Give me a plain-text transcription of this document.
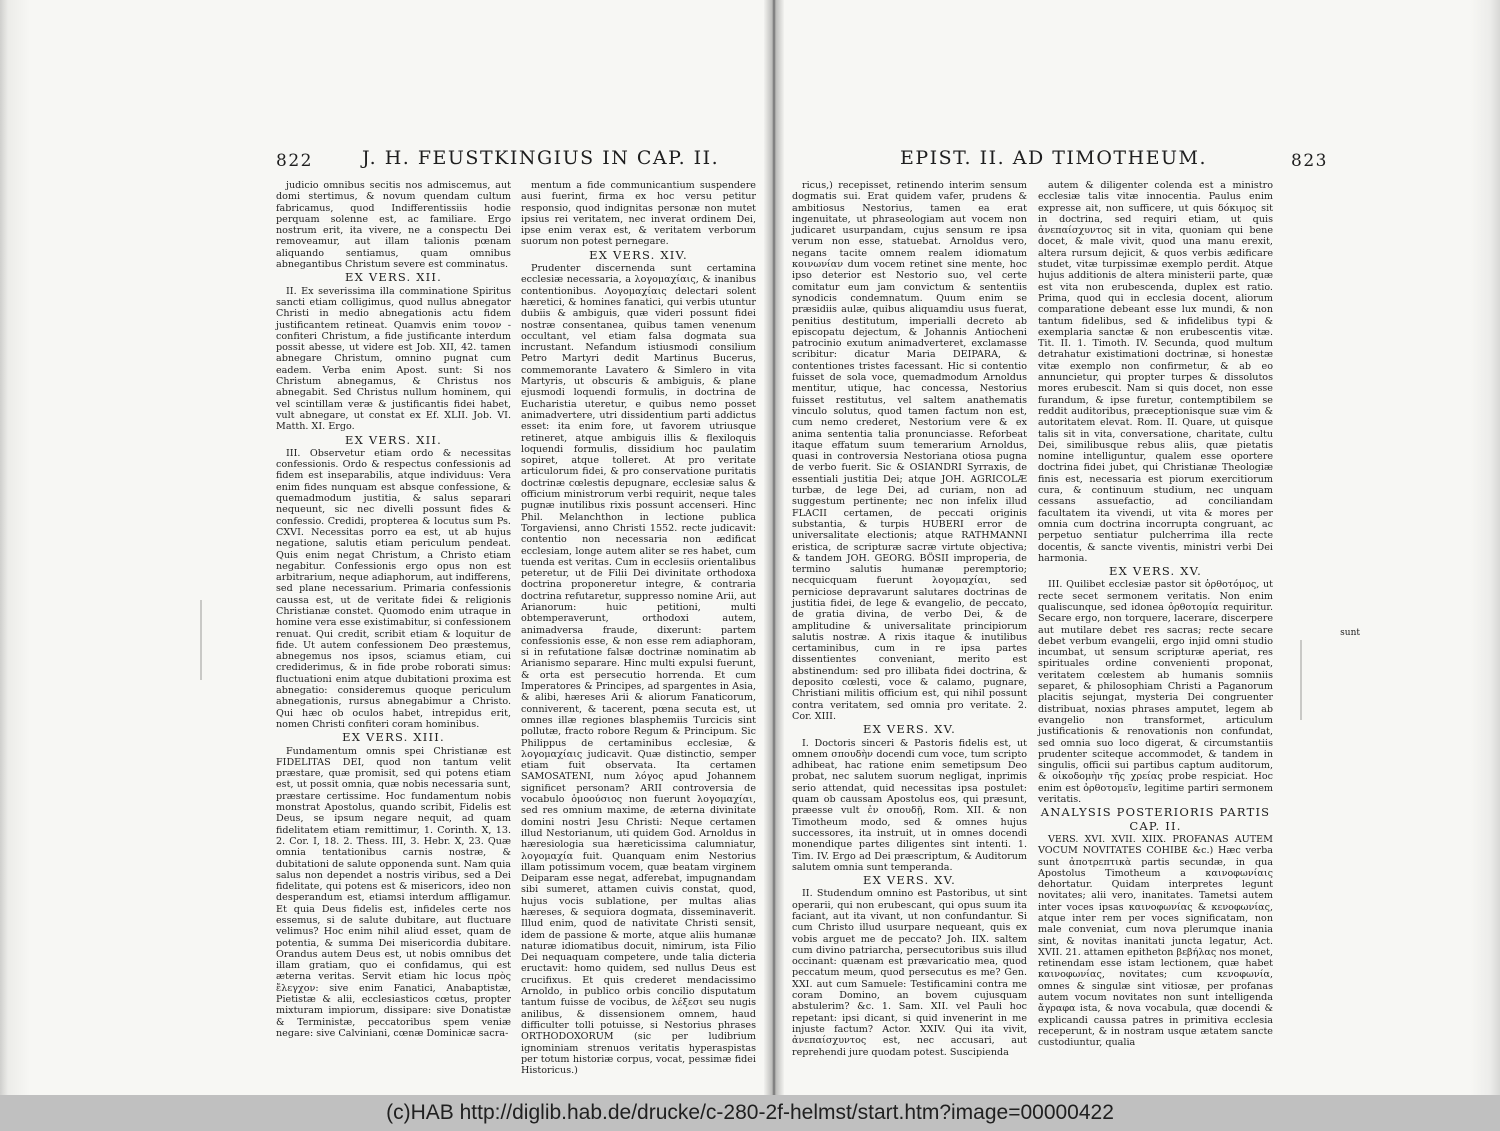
822	J. H. FEUSTKINGIUS IN CAP. II.

judicio omnibus secitis nos admiscemus, aut domi stertimus, & novum quendam cultum fabricamus, quod Indifferentissiis hodie perquam solenne est, ac familiare. Ergo nostrum erit, ita vivere, ne a conspectu Dei removeamur, aut illam talionis pœnam aliquando sentiamus, quam omnibus abnegantibus Christum severe est comminatus.

EX VERS. XII.

II. Ex severissima illa comminatione Spiritus sancti etiam colligimus, quod nullus abnegator Christi in medio abnegationis actu fidem justificantem retineat. Quamvis enim τονον - confiteri Christum, a fide justificante interdum possit abesse, ut videre est Job. XII, 42. tamen abnegare Christum, omnino pugnat cum eadem. Verba enim Apost. sunt: Si nos Christum abnegamus, & Christus nos abnegabit. Sed Christus nullum hominem, qui vel scintillam veræ & justificantis fidei habet, vult abnegare, ut constat ex Ef. XLII. Job. VI. Matth. XI. Ergo.

EX VERS. XII.

III. Observetur etiam ordo & necessitas confessionis. Ordo & respectus confessionis ad fidem est inseparabilis, atque individuus: Vera enim fides nunquam est absque confessione, & quemadmodum justitia, & salus separari nequeunt, sic nec divelli possunt fides & confessio. Credidi, propterea & locutus sum Ps. CXVI. Necessitas porro ea est, ut ab hujus negatione, salutis etiam periculum pendeat. Quis enim negat Christum, a Christo etiam negabitur. Confessionis ergo opus non est arbitrarium, neque adiaphorum, aut indifferens, sed plane necessarium. Primaria confessionis caussa est, ut de veritate fidei & religionis Christianæ constet. Quomodo enim utraque in homine vera esse existimabitur, si confessionem renuat. Qui credit, scribit etiam & loquitur de fide. Ut autem confessionem Deo præstemus, abnegemus nos ipsos, sciamus etiam, cui crediderimus, & in fide probe roborati simus: fluctuationi enim atque dubitationi proxima est abnegatio: consideremus quoque periculum abnegationis, rursus abnegabimur a Christo. Qui hæc ob oculos habet, intrepidus erit, nomen Christi confiteri coram hominibus.

EX VERS. XIII.

Fundamentum omnis spei Christianæ est FIDELITAS DEI, quod non tantum velit præstare, quæ promisit, sed qui potens etiam est, ut possit omnia, quæ nobis necessaria sunt, præstare certissime. Hoc fundamentum nobis monstrat Apostolus, quando scribit, Fidelis est Deus, se ipsum negare nequit, ad quam fidelitatem etiam remittimur, 1. Corinth. X, 13. 2. Cor. I, 18. 2. Thess. III, 3. Hebr. X, 23. Quæ omnia tentationibus carnis nostræ, & dubitationi de salute opponenda sunt. Nam quia salus non dependet a nostris viribus, sed a Dei fidelitate, qui potens est & misericors, ideo non desperandum est, etiamsi interdum affligamur. Et quia Deus fidelis est, infideles certe nos essemus, si de salute dubitare, aut fluctuare velimus? Hoc enim nihil aliud esset, quam de potentia, & summa Dei misericordia dubitare. Orandus autem Deus est, ut nobis omnibus det illam gratiam, quo ei confidamus, qui est æterna veritas. Servit etiam hic locus πρὸς ἔλεγχον: sive enim Fanatici, Anabaptistæ, Pietistæ & alii, ecclesiasticos cœtus, propter mixturam impiorum, dissipare: sive Donatistæ & Terministæ, peccatoribus spem veniæ negare: sive Calviniani, cœnæ Dominicæ sacra-

mentum a fide communicantium suspendere ausi fuerint, firma ex hoc versu petitur responsio, quod indignitas personæ non mutet ipsius rei veritatem, nec inverat ordinem Dei, ipse enim verax est, & veritatem verborum suorum non potest pernegare.

EX VERS. XIV.

Prudenter discernenda sunt certamina ecclesiæ necessaria, a λογομαχίαις, & inanibus contentionibus. Λογομαχίαις delectari solent hæretici, & homines fanatici, qui verbis utuntur dubiis & ambiguis, quæ videri possunt fidei nostræ consentanea, quibus tamen venenum occultant, vel etiam falsa dogmata sua incrustant. Nefandum istiusmodi consilium Petro Martyri dedit Martinus Bucerus, commemorante Lavatero & Simlero in vita Martyris, ut obscuris & ambiguis, & plane ejusmodi loquendi formulis, in doctrina de Eucharistia uteretur, e quibus nemo posset animadvertere, utri dissidentium parti addictus esset: ita enim fore, ut favorem utriusque retineret, atque ambiguis illis & flexiloquis loquendi formulis, dissidium hoc paulatim sopiret, atque tolleret. At pro veritate articulorum fidei, & pro conservatione puritatis doctrinæ cœlestis depugnare, ecclesiæ salus & officium ministrorum verbi requirit, neque tales pugnæ inutilibus rixis possunt accenseri. Hinc Phil. Melanchthon in lectione publica Torgaviensi, anno Christi 1552. recte judicavit: contentio non necessaria non ædificat ecclesiam, longe autem aliter se res habet, cum tuenda est veritas. Cum in ecclesiis orientalibus peteretur, ut de Filii Dei divinitate orthodoxa doctrina proponeretur integre, & contraria doctrina refutaretur, suppresso nomine Arii, aut Arianorum: huic petitioni, multi obtemperaverunt, orthodoxi autem, animadversa fraude, dixerunt: partem confessionis esse, & non esse rem adiaphoram, si in refutatione falsæ doctrinæ nominatim ab Arianismo separare. Hinc multi expulsi fuerunt, & orta est persecutio horrenda. Et cum Imperatores & Principes, ad spargentes in Asia, & alibi, hæreses Arii & aliorum Fanaticorum, conniverent, & tacerent, pœna secuta est, ut omnes illæ regiones blasphemiis Turcicis sint pollutæ, fracto robore Regum & Principum. Sic Philippus de certaminibus ecclesiæ, & λογομαχίαις judicavit. Quæ distinctio, semper etiam fuit observata. Ita certamen SAMOSATENI, num λόγος apud Johannem significet personam? ARII controversia de vocabulo ὁμοούσιος non fuerunt λογομαχίαι, sed res omnium maxime, de æterna divinitate domini nostri Jesu Christi: Neque certamen illud Nestorianum, uti quidem God. Arnoldus in hæresiologia sua hæreticissima calumniatur, λογομαχία fuit. Quanquam enim Nestorius illam potissimum vocem, quæ beatam virginem Deiparam esse negat, adferebat, impugnandam sibi sumeret, attamen cuivis constat, quod, hujus vocis sublatione, per multas alias hæreses, & sequiora dogmata, disseminaverit. Illud enim, quod de nativitate Christi sensit, idem de passione & morte, atque aliis humanæ naturæ idiomatibus docuit, nimirum, ista Filio Dei nequaquam competere, unde talia dicteria eructavit: homo quidem, sed nullus Deus est crucifixus. Et quis crederet mendacissimo Arnoldo, in publico orbis concilio disputatum tantum fuisse de vocibus, de λέξεσι seu nugis anilibus, & dissensionem omnem, haud difficulter tolli potuisse, si Nestorius phrases ORTHODOXORUM (sic per ludibrium ignominiam strenuos veritatis hyperaspistas per totum historiæ corpus, vocat, pessimæ fidei Historicus.)

EPIST. II. AD TIMOTHEUM.	823

ricus,) recepisset, retinendo interim sensum dogmatis sui. Erat quidem vafer, prudens & ambitiosus Nestorius, tamen ea erat ingenuitate, ut phraseologiam aut vocem non judicaret usurpandam, cujus sensum re ipsa verum non esse, statuebat. Arnoldus vero, negans tacite omnem realem idiomatum κοινωνίαν dum vocem retinet sine mente, hoc ipso deterior est Nestorio suo, vel certe comitatur eum jam convictum & sententiis synodicis condemnatum. Quum enim se præsidiis aulæ, quibus aliquamdiu usus fuerat, penitius destitutum, imperialli decreto ab episcopatu dejectum, & Johannis Antiocheni patrocinio exutum animadverteret, exclamasse scribitur: dicatur Maria DEIPARA, & contentiones tristes facessant. Hic si contentio fuisset de sola voce, quemadmodum Arnoldus mentitur, utique, hac concessa, Nestorius fuisset restitutus, vel saltem anathematis vinculo solutus, quod tamen factum non est, cum nemo crederet, Nestorium vere & ex anima sententia talia pronunciasse. Reforbeat itaque effatum suum temerarium Arnoldus, quasi in controversia Nestoriana otiosa pugna de verbo fuerit. Sic & OSIANDRI Syrraxis, de essentiali justitia Dei; atque JOH. AGRICOLÆ turbæ, de lege Dei, ad curiam, non ad suggestum pertinente; nec non infelix illud FLACII certamen, de peccati originis substantia, & turpis HUBERI error de universalitate electionis; atque RATHMANNI eristica, de scripturæ sacræ virtute objectiva; & tandem JOH. GEORG. BÖSII improperia, de termino salutis humanæ peremptorio; necquicquam fuerunt λογομαχίαι, sed perniciose depravarunt salutares doctrinas de justitia fidei, de lege & evangelio, de peccato, de gratia divina, de verbo Dei, & de amplitudine & universalitate principiorum salutis nostræ. A rixis itaque & inutilibus certaminibus, cum in re ipsa partes dissentientes conveniant, merito est abstinendum: sed pro illibata fidei doctrina, & deposito cœlesti, voce & calamo, pugnare, Christiani militis officium est, qui nihil possunt contra veritatem, sed omnia pro veritate. 2. Cor. XIII.

EX VERS. XV.

I. Doctoris sinceri & Pastoris fidelis est, ut omnem σπουδὴν docendi cum voce, tum scripto adhibeat, hac ratione enim semetipsum Deo probat, nec salutem suorum negligat, inprimis serio attendat, quid necessitas ipsa postulet: quam ob caussam Apostolus eos, qui præsunt, præesse vult ἐν σπουδῇ, Rom. XII. & non Timotheum modo, sed & omnes hujus successores, ita instruit, ut in omnes docendi monendique partes diligentes sint intenti. 1. Tim. IV. Ergo ad Dei præscriptum, & Auditorum salutem omnia sunt temperanda.

EX VERS. XV.

II. Studendum omnino est Pastoribus, ut sint operarii, qui non erubescant, qui opus suum ita faciant, aut ita vivant, ut non confundantur. Si cum Christo illud usurpare nequeant, quis ex vobis arguet me de peccato? Joh. IIX. saltem cum divino patriarcha, persecutoribus suis illud occinant: quænam est prævaricatio mea, quod peccatum meum, quod persecutus es me? Gen. XXI. aut cum Samuele: Testificamini contra me coram Domino, an bovem cujusquam abstulerim? &c. 1. Sam. XII. vel Pauli hoc repetant: ipsi dicant, si quid invenerint in me injuste factum? Actor. XXIV. Qui ita vivit, ἀνεπαίσχυντος est, nec accusari, aut reprehendi jure quodam potest. Suscipienda

autem & diligenter colenda est a ministro ecclesiæ talis vitæ innocentia. Paulus enim expresse ait, non sufficere, ut quis δόκιμος sit in doctrina, sed requiri etiam, ut quis ἀνεπαίσχυντος sit in vita, quoniam qui bene docet, & male vivit, quod una manu erexit, altera rursum dejicit, & quos verbis ædificare studet, vitæ turpissimæ exemplo perdit. Atque hujus additionis de altera ministerii parte, quæ est vita non erubescenda, duplex est ratio. Prima, quod qui in ecclesia docent, aliorum comparatione debeant esse lux mundi, & non tantum fidelibus, sed & infidelibus typi & exemplaria sanctæ & non erubescentis vitæ. Tit. II. 1. Timoth. IV. Secunda, quod multum detrahatur existimationi doctrinæ, si honestæ vitæ exemplo non confirmetur, & ab eo annuncietur, qui propter turpes & dissolutos mores erubescit. Nam si quis docet, non esse furandum, & ipse furetur, contemptibilem se reddit auditoribus, præceptionisque suæ vim & autoritatem elevat. Rom. II. Quare, ut quisque talis sit in vita, conversatione, charitate, cultu Dei, similibusque rebus aliis, quæ pietatis nomine intelliguntur, qualem esse oportere doctrina fidei jubet, qui Christianæ Theologiæ finis est, necessaria est piorum exercitiorum cura, & continuum studium, nec unquam cessans assuefactio, ad conciliandam facultatem ita vivendi, ut vita & mores per omnia cum doctrina incorrupta congruant, ac perpetuo sentiatur pulcherrima illa recte docentis, & sancte viventis, ministri verbi Dei harmonia.

EX VERS. XV.

III. Quilibet ecclesiæ pastor sit ὀρθοτόμος, ut recte secet sermonem veritatis. Non enim qualiscunque, sed idonea ὀρθοτομία requiritur. Secare ergo, non torquere, lacerare, discerpere aut mutilare debet res sacras; recte secare debet verbum evangelii, ergo injid omni studio incumbat, ut sensum scripturæ aperiat, res spirituales ordine convenienti proponat, veritatem cœlestem ab humanis somniis separet, & philosophiam Christi a Paganorum placitis sejungat, mysteria Dei congruenter distribuat, noxias phrases amputet, legem ab evangelio non transformet, articulum justificationis & renovationis non confundat, sed omnia suo loco digerat, & circumstantiis prudenter sciteque accommodet, & tandem in singulis, officii sui partibus captum auditorum, & οἰκοδομὴν τῆς χρείας probe respiciat. Hoc enim est ὀρθοτομεῖν, legitime partiri sermonem veritatis.

ANALYSIS POSTERIORIS PARTIS
CAP. II.

VERS. XVI. XVII. XIIX. PROFANAS AUTEM VOCUM NOVITATES COHIBE &c.) Hæc verba sunt ἀποτρεπτικὰ partis secundæ, in qua Apostolus Timotheum a καινοφωνίαις dehortatur. Quidam interpretes legunt novitates; alii vero, inanitates. Tametsi autem inter voces ipsas καινοφωνίας & κενοφωνίας, atque inter rem per voces significatam, non male conveniat, cum nova plerumque inania sint, & novitas inanitati juncta legatur, Act. XVII. 21. attamen epitheton βεβήλας nos monet, retinendam esse istam lectionem, quæ habet καινοφωνίας, novitates; cum κενοφωνία, omnes & singulæ sint vitiosæ, per profanas autem vocum novitates non sunt intelligenda ἄγραφα ista, & nova vocabula, quæ docendi & explicandi caussa patres in primitiva ecclesia receperunt, & in nostram usque ætatem sancte custodiuntur, qualia

sunt
(c)HAB http://diglib.hab.de/drucke/c-280-2f-helmst/start.htm?image=00000422
